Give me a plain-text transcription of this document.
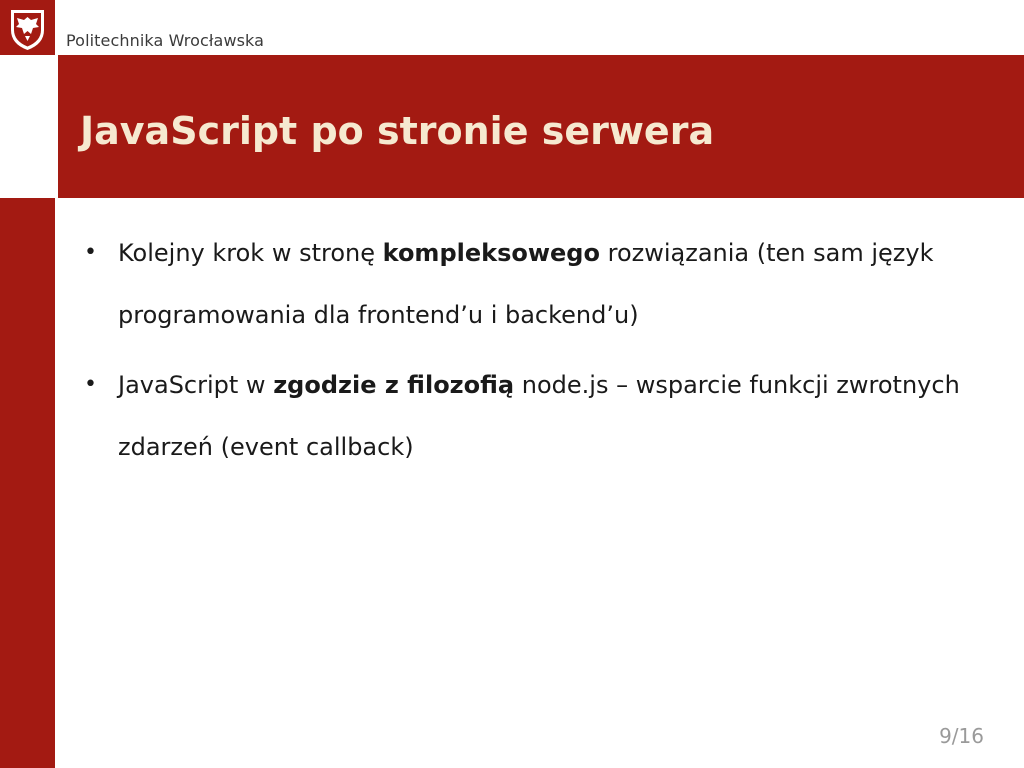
Politechnika Wrocławska
JavaScript po stronie serwera
• Kolejny krok w stronę kompleksowego rozwiązania (ten sam język programowania dla frontend’u i backend’u)
• JavaScript w zgodzie z filozofią node.js – wsparcie funkcji zwrotnych zdarzeń (event callback)
9/16
